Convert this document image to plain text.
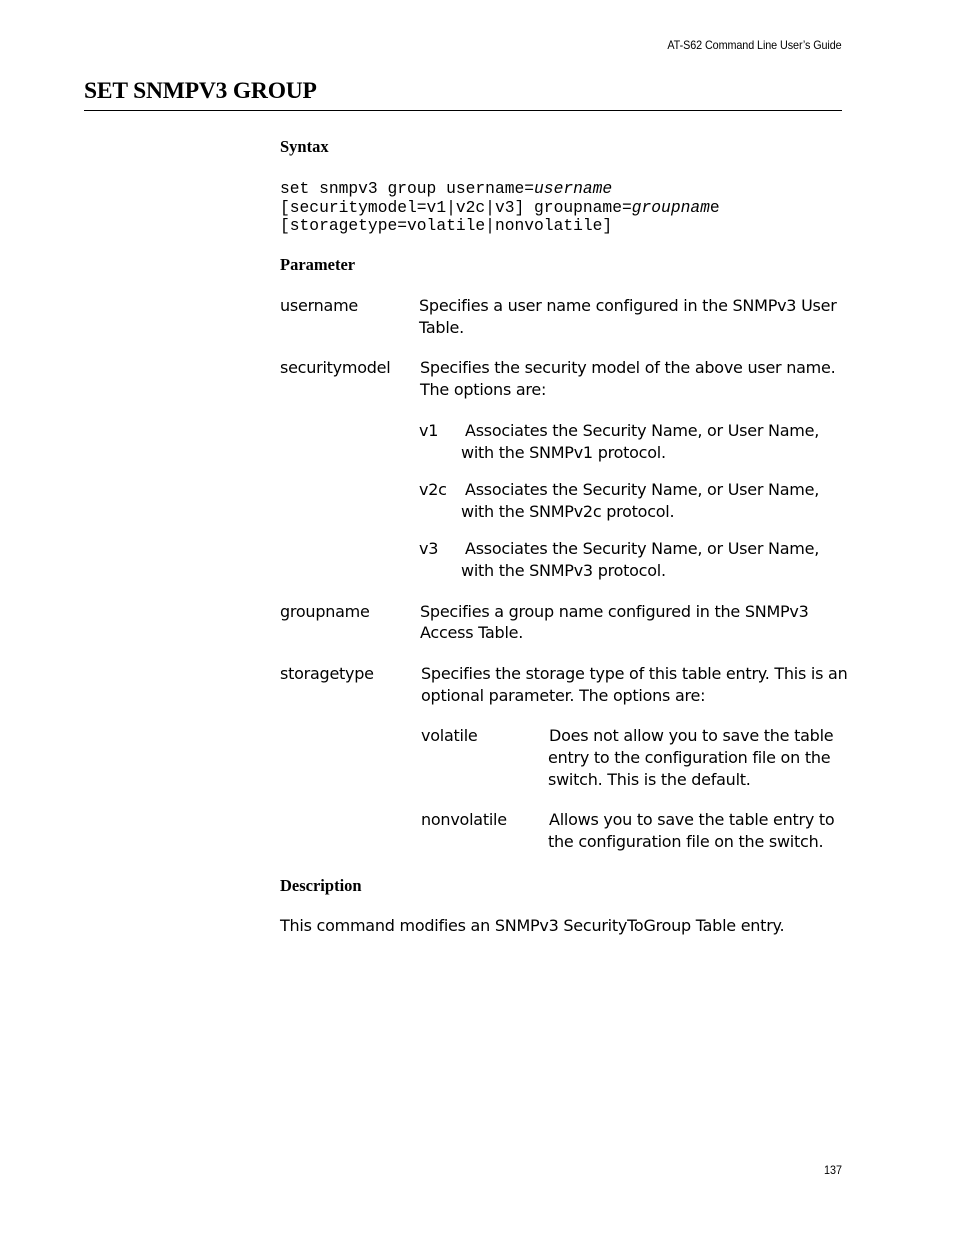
AT-S62 Command Line User’s Guide
SET SNMPV3 GROUP
Syntax
set snmpv3 group username=username
[securitymodel=v1|v2c|v3] groupname=groupname
[storagetype=volatile|nonvolatile]
Parameter
username	Specifies a user name configured in the SNMPv3 User
Table.
securitymodel Specifies the security model of the above user name.
The options are:
v1 Associates the Security Name, or User Name,
with the SNMPv1 protocol.
v2c Associates the Security Name, or User Name,
with the SNMPv2c protocol.
v3 Associates the Security Name, or User Name,
with the SNMPv3 protocol.
groupname	Specifies a group name configured in the SNMPv3
Access Table.
storagetype	Specifies the storage type of this table entry. This is an
optional parameter. The options are:
volatile	Does not allow you to save the table
entry to the configuration file on the
switch. This is the default.
nonvolatile	Allows you to save the table entry to
the configuration file on the switch.
Description
This command modifies an SNMPv3 SecurityToGroup Table entry.
137
